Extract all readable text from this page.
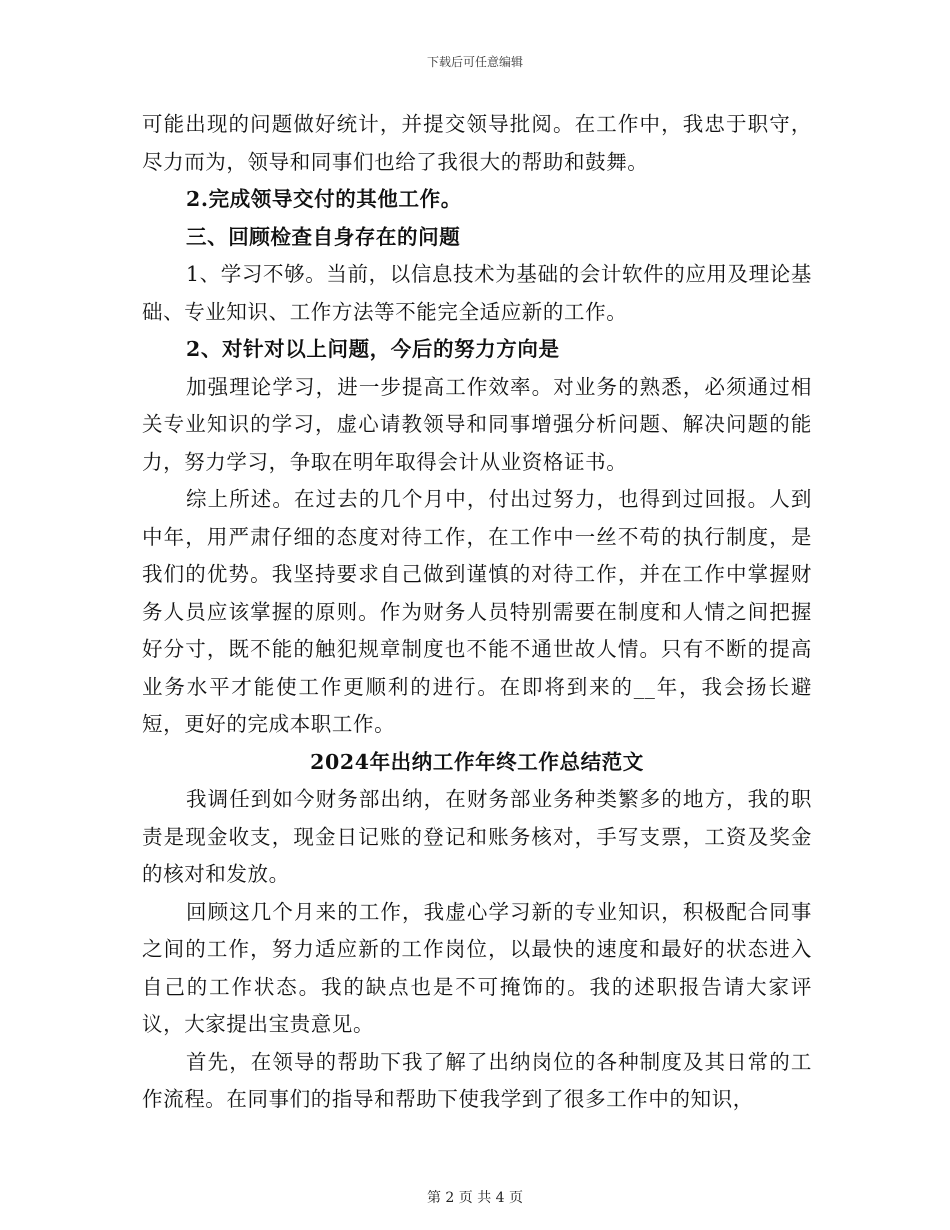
下载后可任意编辑

可能出现的问题做好统计，并提交领导批阅。在工作中，我忠于职守，尽力而为，领导和同事们也给了我很大的帮助和鼓舞。

2.完成领导交付的其他工作。

三、回顾检查自身存在的问题

1、学习不够。当前，以信息技术为基础的会计软件的应用及理论基础、专业知识、工作方法等不能完全适应新的工作。

2、对针对以上问题，今后的努力方向是

加强理论学习，进一步提高工作效率。对业务的熟悉，必须通过相关专业知识的学习，虚心请教领导和同事增强分析问题、解决问题的能力，努力学习，争取在明年取得会计从业资格证书。

综上所述。在过去的几个月中，付出过努力，也得到过回报。人到中年，用严肃仔细的态度对待工作，在工作中一丝不苟的执行制度，是我们的优势。我坚持要求自己做到谨慎的对待工作，并在工作中掌握财务人员应该掌握的原则。作为财务人员特别需要在制度和人情之间把握好分寸，既不能的触犯规章制度也不能不通世故人情。只有不断的提高业务水平才能使工作更顺利的进行。在即将到来的__年，我会扬长避短，更好的完成本职工作。

2024年出纳工作年终工作总结范文

我调任到如今财务部出纳，在财务部业务种类繁多的地方，我的职责是现金收支，现金日记账的登记和账务核对，手写支票，工资及奖金的核对和发放。

回顾这几个月来的工作，我虚心学习新的专业知识，积极配合同事之间的工作，努力适应新的工作岗位，以最快的速度和最好的状态进入自己的工作状态。我的缺点也是不可掩饰的。我的述职报告请大家评议，大家提出宝贵意见。

首先，在领导的帮助下我了解了出纳岗位的各种制度及其日常的工作流程。在同事们的指导和帮助下使我学到了很多工作中的知识，

第 2 页 共 4 页
